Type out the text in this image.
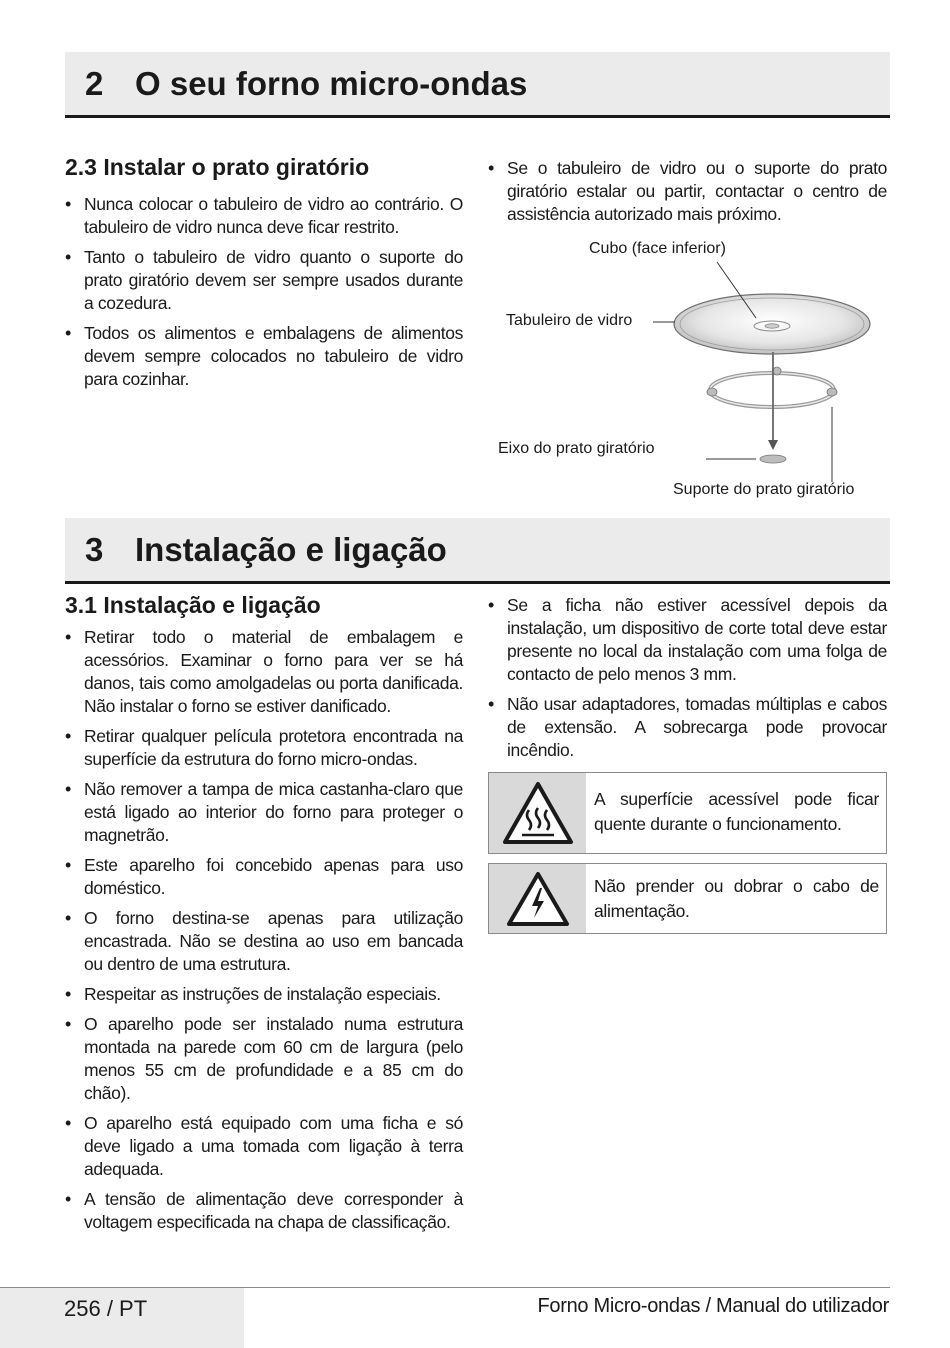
2 O seu forno micro-ondas
2.3 Instalar o prato giratório
• Nunca colocar o tabuleiro de vidro ao contrário. O tabuleiro de vidro nunca deve ficar restrito.
• Tanto o tabuleiro de vidro quanto o suporte do prato giratório devem ser sempre usados durante a cozedura.
• Todos os alimentos e embalagens de alimentos devem sempre colocados no tabuleiro de vidro para cozinhar.
• Se o tabuleiro de vidro ou o suporte do prato giratório estalar ou partir, contactar o centro de assistência autorizado mais próximo.
Cubo (face inferior)
Tabuleiro de vidro
Eixo do prato giratório
Suporte do prato giratório
3 Instalação e ligação
3.1 Instalação e ligação
• Retirar todo o material de embalagem e acessórios. Examinar o forno para ver se há danos, tais como amolgadelas ou porta danificada. Não instalar o forno se estiver danificado.
• Retirar qualquer película protetora encontrada na superfície da estrutura do forno micro-ondas.
• Não remover a tampa de mica castanha-claro que está ligado ao interior do forno para proteger o magnetrão.
• Este aparelho foi concebido apenas para uso doméstico.
• O forno destina-se apenas para utilização encastrada. Não se destina ao uso em bancada ou dentro de uma estrutura.
• Respeitar as instruções de instalação especiais.
• O aparelho pode ser instalado numa estrutura montada na parede com 60 cm de largura (pelo menos 55 cm de profundidade e a 85 cm do chão).
• O aparelho está equipado com uma ficha e só deve ligado a uma tomada com ligação à terra adequada.
• A tensão de alimentação deve corresponder à voltagem especificada na chapa de classificação.
• Se a ficha não estiver acessível depois da instalação, um dispositivo de corte total deve estar presente no local da instalação com uma folga de contacto de pelo menos 3 mm.
• Não usar adaptadores, tomadas múltiplas e cabos de extensão. A sobrecarga pode provocar incêndio.
A superfície acessível pode ficar quente durante o funcionamento.
Não prender ou dobrar o cabo de alimentação.
256 / PT	Forno Micro-ondas / Manual do utilizador
